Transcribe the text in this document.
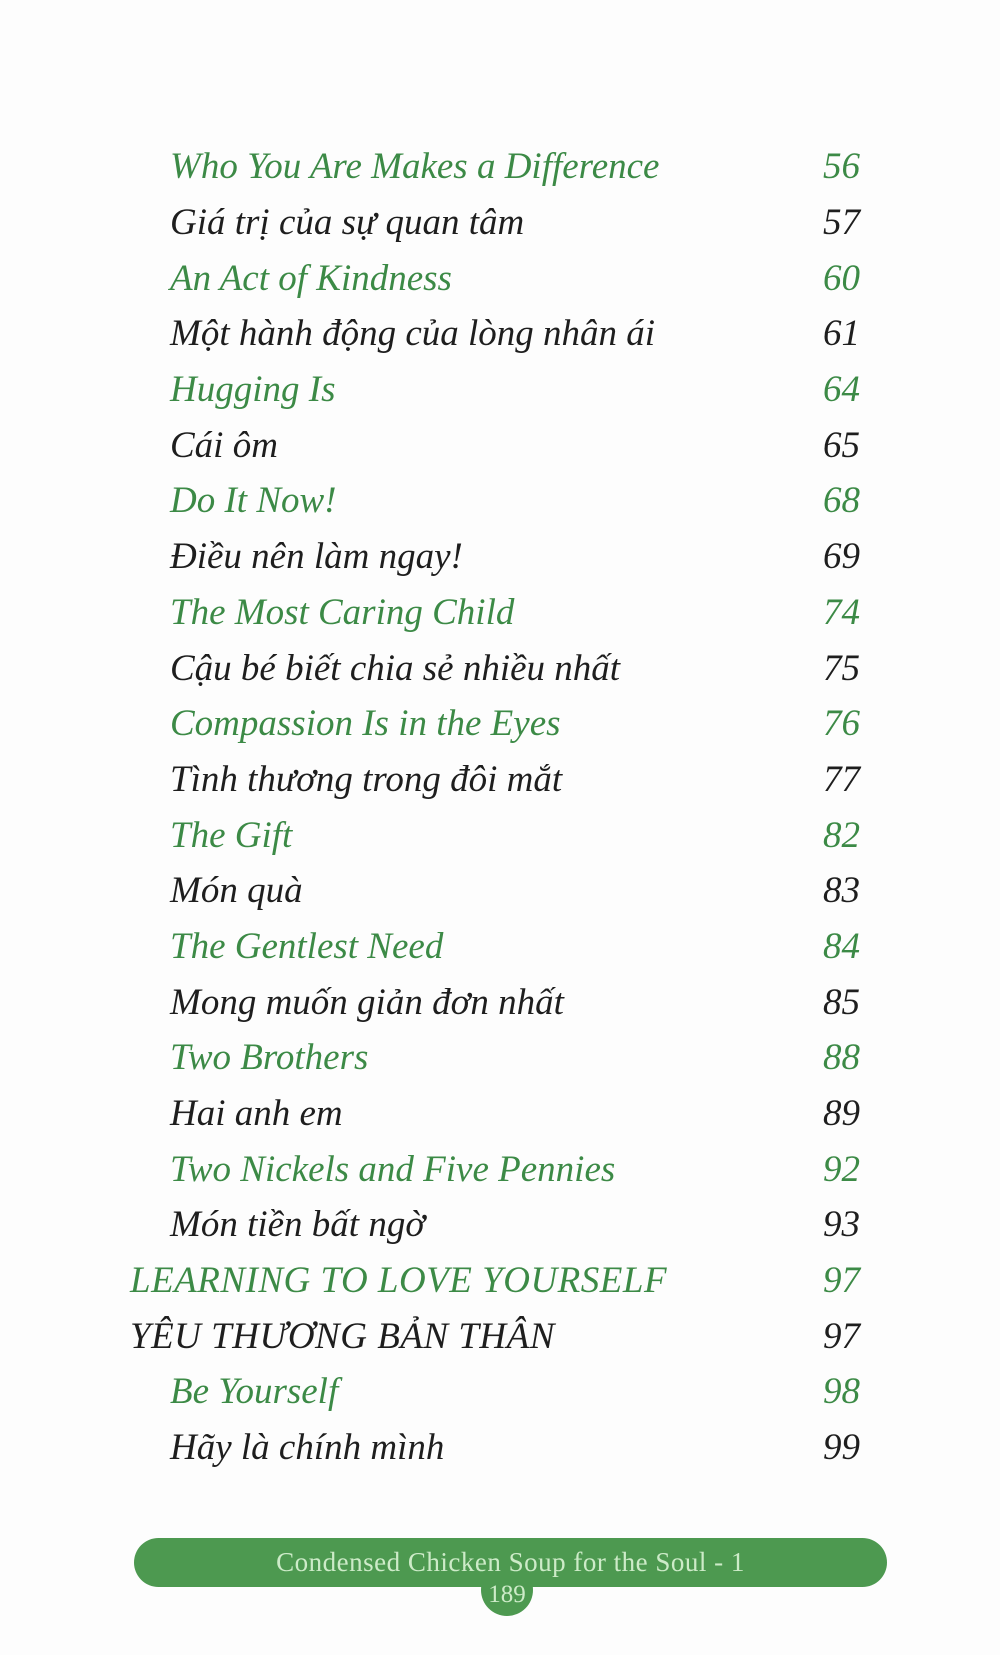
Who You Are Makes a Difference	56
Giá trị của sự quan tâm	57
An Act of Kindness	60
Một hành động của lòng nhân ái	61
Hugging Is	64
Cái ôm	65
Do It Now!	68
Điều nên làm ngay!	69
The Most Caring Child	74
Cậu bé biết chia sẻ nhiều nhất	75
Compassion Is in the Eyes	76
Tình thương trong đôi mắt	77
The Gift	82
Món quà	83
The Gentlest Need	84
Mong muốn giản đơn nhất	85
Two Brothers	88
Hai anh em	89
Two Nickels and Five Pennies	92
Món tiền bất ngờ	93
LEARNING TO LOVE YOURSELF	97
YÊU THƯƠNG BẢN THÂN	97
Be Yourself	98
Hãy là chính mình	99
Condensed Chicken Soup for the Soul - 1
189
